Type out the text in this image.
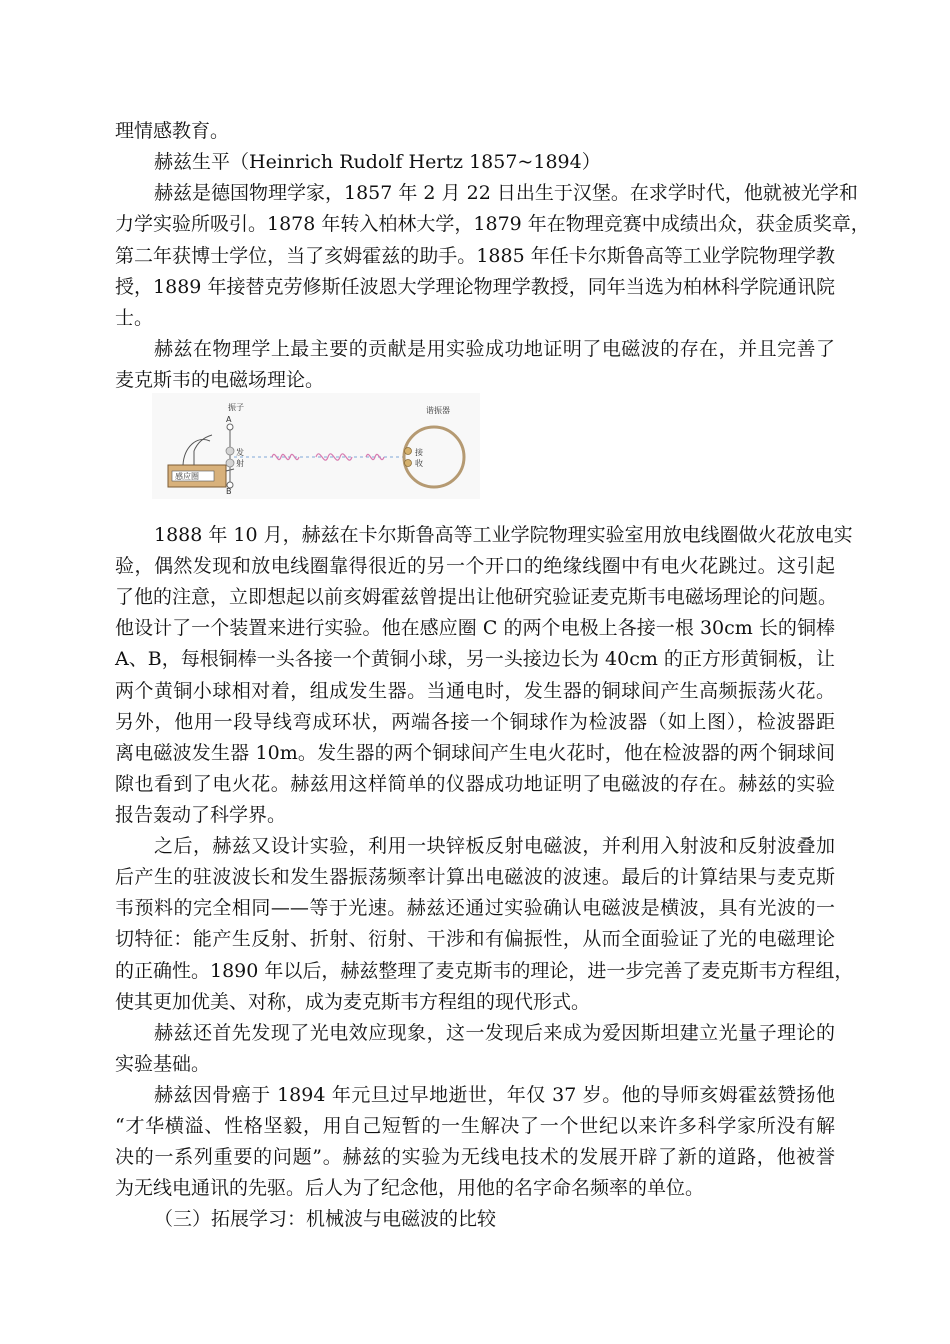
理情感教育。
赫兹生平（Heinrich Rudolf Hertz 1857~1894）
赫兹是德国物理学家，1857 年 2 月 22 日出生于汉堡。在求学时代，他就被光学和
力学实验所吸引。1878 年转入柏林大学，1879 年在物理竞赛中成绩出众，获金质奖章，
第二年获博士学位，当了亥姆霍兹的助手。1885 年任卡尔斯鲁高等工业学院物理学教
授，1889 年接替克劳修斯任波恩大学理论物理学教授，同年当选为柏林科学院通讯院
士。
赫兹在物理学上最主要的贡献是用实验成功地证明了电磁波的存在，并且完善了
麦克斯韦的电磁场理论。
感应圈
振子
A
B
发
射
谐振器
接
收
1888 年 10 月，赫兹在卡尔斯鲁高等工业学院物理实验室用放电线圈做火花放电实
验，偶然发现和放电线圈靠得很近的另一个开口的绝缘线圈中有电火花跳过。这引起
了他的注意，立即想起以前亥姆霍兹曾提出让他研究验证麦克斯韦电磁场理论的问题。
他设计了一个装置来进行实验。他在感应圈 C 的两个电极上各接一根 30cm 长的铜棒
A、B，每根铜棒一头各接一个黄铜小球，另一头接边长为 40cm 的正方形黄铜板，让
两个黄铜小球相对着，组成发生器。当通电时，发生器的铜球间产生高频振荡火花。
另外，他用一段导线弯成环状，两端各接一个铜球作为检波器（如上图），检波器距
离电磁波发生器 10m。发生器的两个铜球间产生电火花时，他在检波器的两个铜球间
隙也看到了电火花。赫兹用这样简单的仪器成功地证明了电磁波的存在。赫兹的实验
报告轰动了科学界。
之后，赫兹又设计实验，利用一块锌板反射电磁波，并利用入射波和反射波叠加
后产生的驻波波长和发生器振荡频率计算出电磁波的波速。最后的计算结果与麦克斯
韦预料的完全相同——等于光速。赫兹还通过实验确认电磁波是横波，具有光波的一
切特征：能产生反射、折射、衍射、干涉和有偏振性，从而全面验证了光的电磁理论
的正确性。1890 年以后，赫兹整理了麦克斯韦的理论，进一步完善了麦克斯韦方程组，
使其更加优美、对称，成为麦克斯韦方程组的现代形式。
赫兹还首先发现了光电效应现象，这一发现后来成为爱因斯坦建立光量子理论的
实验基础。
赫兹因骨癌于 1894 年元旦过早地逝世，年仅 37 岁。他的导师亥姆霍兹赞扬他
“才华横溢、性格坚毅，用自己短暂的一生解决了一个世纪以来许多科学家所没有解
决的一系列重要的问题”。赫兹的实验为无线电技术的发展开辟了新的道路，他被誉
为无线电通讯的先驱。后人为了纪念他，用他的名字命名频率的单位。
（三）拓展学习：机械波与电磁波的比较
